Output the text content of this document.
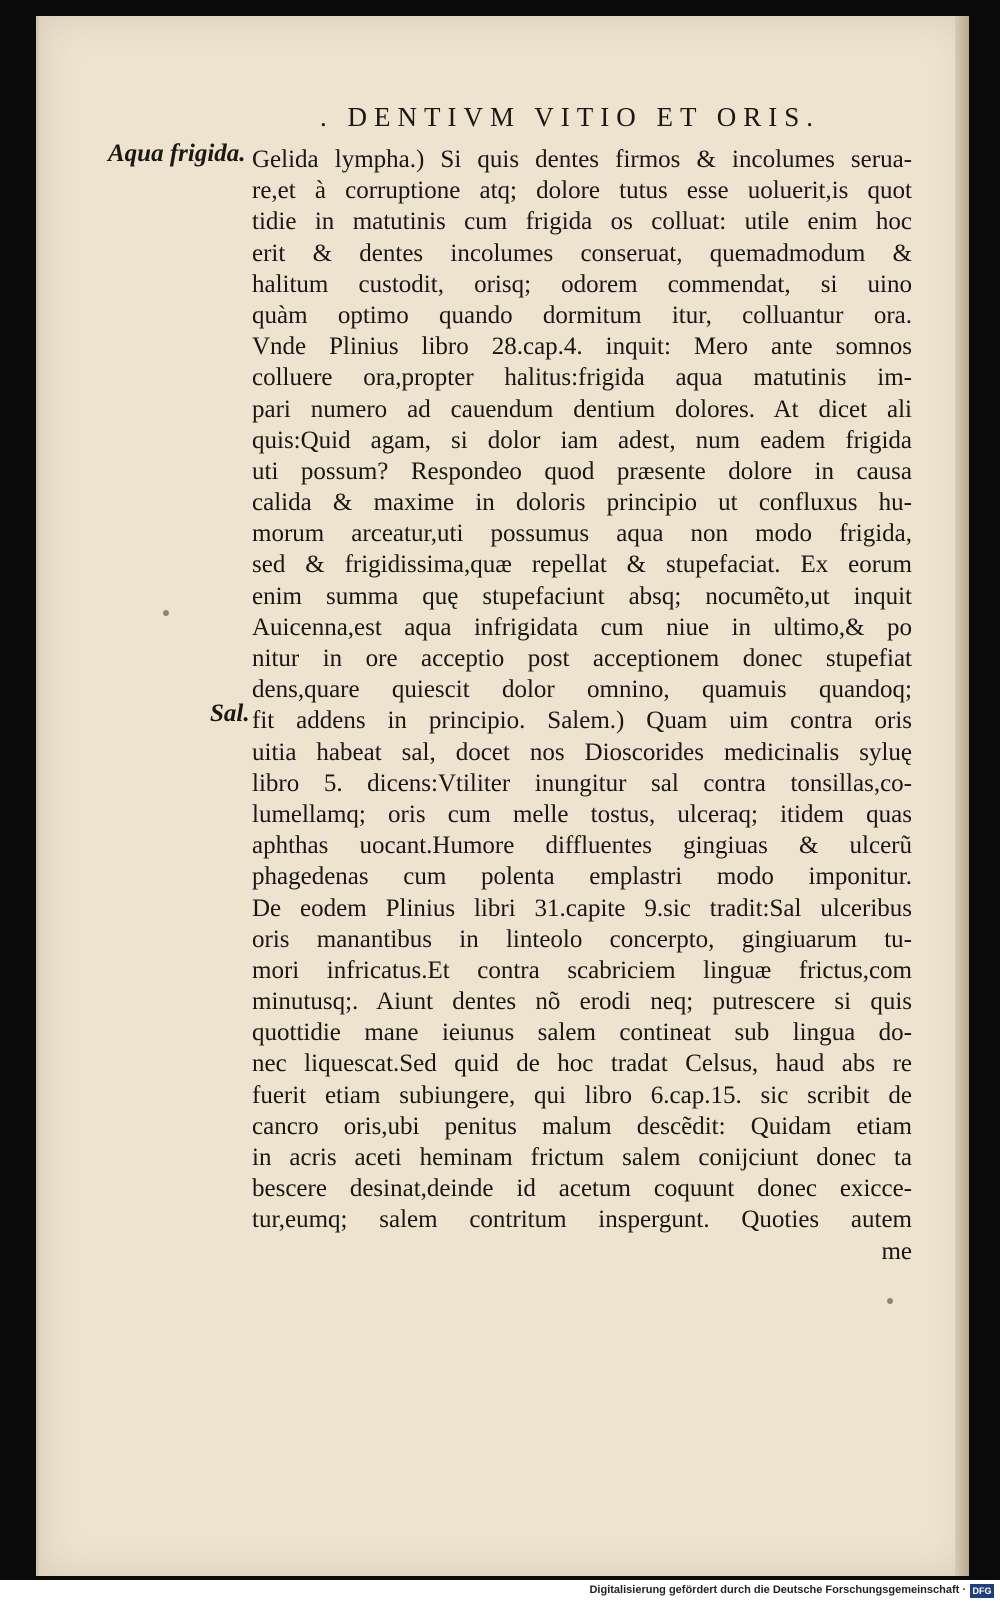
. DENTIVM VITIO ET ORIS.
Aqua frigida.
Sal.
Gelida lympha.) Si quis dentes firmos & incolumes serua-
re,et à corruptione atq; dolore tutus esse uoluerit,is quot
tidie in matutinis cum frigida os colluat: utile enim hoc
erit & dentes incolumes conseruat, quemadmodum &
halitum custodit, orisq; odorem commendat, si uino
quàm optimo quando dormitum itur, colluantur ora.
Vnde Plinius libro 28.cap.4. inquit: Mero ante somnos
colluere ora,propter halitus:frigida aqua matutinis im-
pari numero ad cauendum dentium dolores. At dicet ali
quis:Quid agam, si dolor iam adest, num eadem frigida
uti possum? Respondeo quod præsente dolore in causa
calida & maxime in doloris principio ut confluxus hu-
morum arceatur,uti possumus aqua non modo frigida,
sed & frigidissima,quæ repellat & stupefaciat. Ex eorum
enim summa quę stupefaciunt absq; nocumẽto,ut inquit
Auicenna,est aqua infrigidata cum niue in ultimo,& po
nitur in ore acceptio post acceptionem donec stupefiat
dens,quare quiescit dolor omnino, quamuis quandoq;
fit addens in principio. Salem.) Quam uim contra oris
uitia habeat sal, docet nos Dioscorides medicinalis syluę
libro 5. dicens:Vtiliter inungitur sal contra tonsillas,co-
lumellamq; oris cum melle tostus, ulceraq; itidem quas
aphthas uocant.Humore diffluentes gingiuas & ulcerũ
phagedenas cum polenta emplastri modo imponitur.
De eodem Plinius libri 31.capite 9.sic tradit:Sal ulceribus
oris manantibus in linteolo concerpto, gingiuarum tu-
mori infricatus.Et contra scabriciem linguæ frictus,com
minutusq;. Aiunt dentes nõ erodi neq; putrescere si quis
quottidie mane ieiunus salem contineat sub lingua do-
nec liquescat.Sed quid de hoc tradat Celsus, haud abs re
fuerit etiam subiungere, qui libro 6.cap.15. sic scribit de
cancro oris,ubi penitus malum descẽdit: Quidam etiam
in acris aceti heminam frictum salem conijciunt donec ta
bescere desinat,deinde id acetum coquunt donec exicce-
tur,eumq; salem contritum inspergunt. Quoties autem
me
Digitalisierung gefördert durch die Deutsche Forschungsgemeinschaft · DFG
